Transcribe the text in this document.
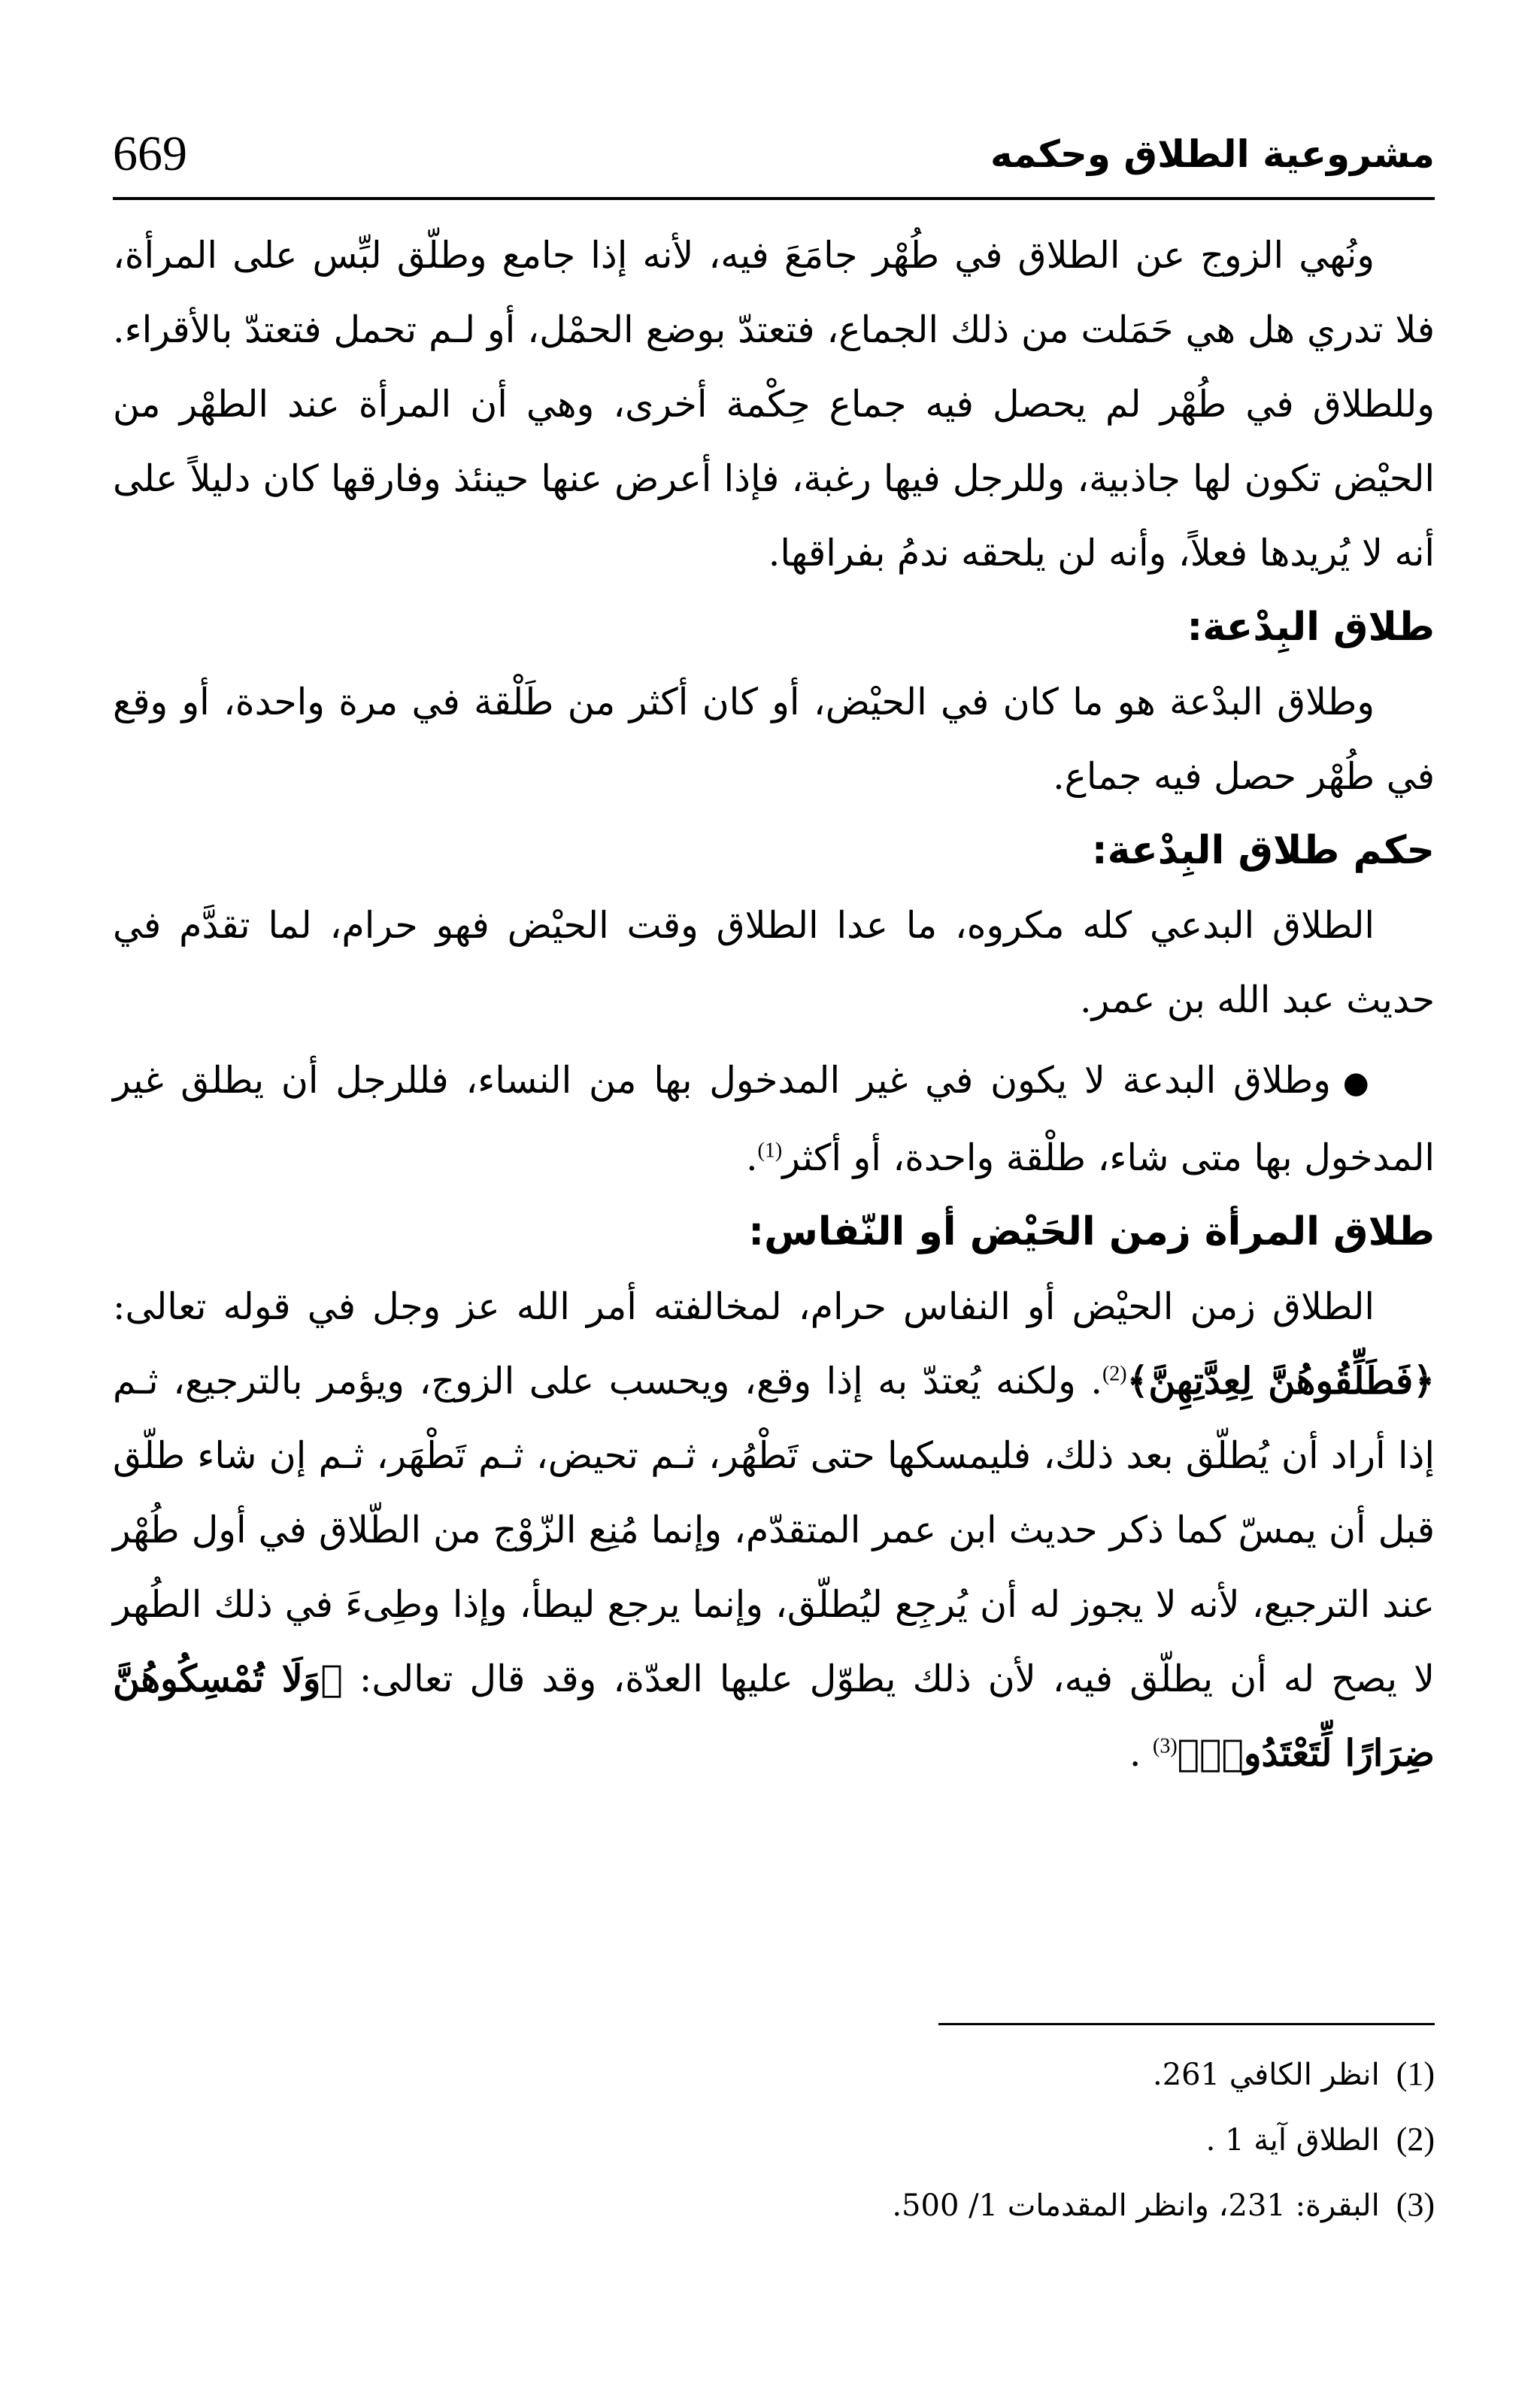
669	مشروعية الطلاق وحكمه

ونُهي الزوج عن الطلاق في طُهْر جامَعَ فيه، لأنه إذا جامع وطلّق لبِّس على المرأة، فلا تدري هل هي حَمَلت من ذلك الجماع، فتعتدّ بوضع الحمْل، أو لـم تحمل فتعتدّ بالأقراء. وللطلاق في طُهْر لم يحصل فيه جماع حِكْمة أخرى، وهي أن المرأة عند الطهْر من الحيْض تكون لها جاذبية، وللرجل فيها رغبة، فإذا أعرض عنها حينئذ وفارقها كان دليلاً على أنه لا يُريدها فعلاً، وأنه لن يلحقه ندمُ بفراقها.

طلاق البِدْعة:

وطلاق البدْعة هو ما كان في الحيْض، أو كان أكثر من طَلْقة في مرة واحدة، أو وقع في طُهْر حصل فيه جماع.

حكم طلاق البِدْعة:

الطلاق البدعي كله مكروه، ما عدا الطلاق وقت الحيْض فهو حرام، لما تقدَّم في حديث عبد الله بن عمر.

●وطلاق البدعة لا يكون في غير المدخول بها من النساء، فللرجل أن يطلق غير المدخول بها متى شاء، طلْقة واحدة، أو أكثر$^{(1)}$.

طلاق المرأة زمن الحَيْض أو النّفاس:

الطلاق زمن الحيْض أو النفاس حرام، لمخالفته أمر الله عز وجل في قوله تعالى: ﴿فَطَلِّقُوهُنَّ لِعِدَّتِهِنَّ﴾$^{(2)}$. ولكنه يُعتدّ به إذا وقع، ويحسب على الزوج، ويؤمر بالترجيع، ثـم إذا أراد أن يُطلّق بعد ذلك، فليمسكها حتى تَطْهُر، ثـم تحيض، ثـم تَطْهَر، ثـم إن شاء طلّق قبل أن يمسّ كما ذكر حديث ابن عمر المتقدّم، وإنما مُنِع الزّوْج من الطّلاق في أول طُهْر عند الترجيع، لأنه لا يجوز له أن يُرجِع ليُطلّق، وإنما يرجع ليطأ، وإذا وطِىءَ في ذلك الطُهر لا يصح له أن يطلّق فيه، لأن ذلك يطوّل عليها العدّة، وقد قال تعالى: ﴿وَلَا تُمْسِكُوهُنَّ ضِرَارًا لِّتَعْتَدُوا۟﴾$^{(3)}$ .

(1)انظر الكافي 261.
(2)الطلاق آية 1 .
(3)البقرة: 231، وانظر المقدمات 1/ 500.
